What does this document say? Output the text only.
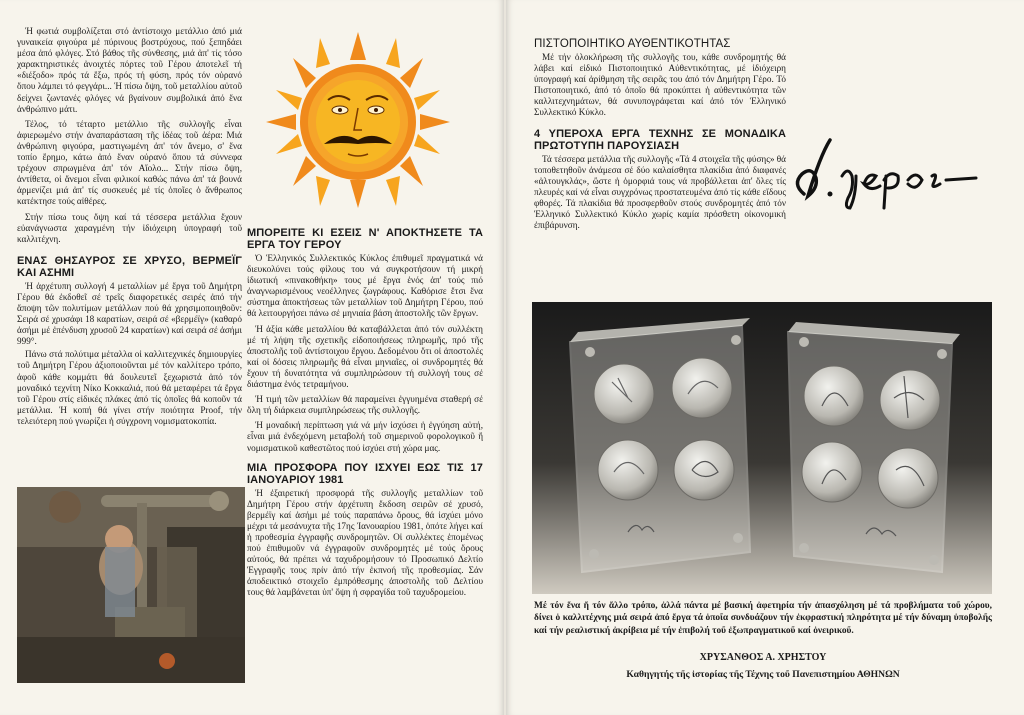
Ἡ φωτιά συμβολίζεται στό ἀντίστοιχο μετάλλιο ἀπό μιά γυναικεία φιγούρα μέ πύρινους βοστρύχους, πού ξεπηδάει μέσα ἀπό φλόγες. Στό βάθος τῆς σύνθεσης, μιά ἀπ' τίς τόσο χαρακτηριστικές ἀνοιχτές πόρτες τοῦ Γέρου ἀποτελεῖ τή «διέξοδο» πρός τά ἔξω, πρός τή φύση, πρός τόν οὐρανό ὅπου λάμπει τό φεγγάρι... Ἡ πίσω ὄψη, τοῦ μεταλλίου αὐτοῦ δείχνει ζωντανές φλόγες νά βγαίνουν συμβολικά ἀπό ἕνα ἀνθρώπινο μάτι.

Τέλος, τό τέταρτο μετάλλιο τῆς συλλογῆς εἶναι ἀφιερωμένο στήν ἀναπαράσταση τῆς ἰδέας τοῦ ἀέρα: Μιά ἀνθρώπινη φιγούρα, μαστιγωμένη ἀπ' τόν ἄνεμο, σ' ἕνα τοπίο ἔρημο, κάτω ἀπό ἕναν οὐρανό ὅπου τά σύννεφα τρέχουν σπρωγμένα ἀπ' τόν Αἴολο... Στήν πίσω ὄψη, ἀντίθετα, οἱ ἄνεμοι εἶναι φιλικοί καθώς πάνω ἀπ' τά βουνά ἁρμενίζει μιά ἀπ' τίς συσκευές μέ τίς ὁποῖες ὁ ἄνθρωπος κατέκτησε τούς αἰθέρες.

Στήν πίσω τους ὄψη καί τά τέσσερα μετάλλια ἔχουν εὐανάγνωστα χαραγμένη τήν ἰδιόχειρη ὑπογραφή τοῦ καλλιτέχνη.

ΕΝΑΣ ΘΗΣΑΥΡΟΣ ΣΕ ΧΡΥΣΟ, ΒΕΡΜΕΪΓ ΚΑΙ ΑΣΗΜΙ

Ἡ ἀρχέτυπη συλλογή 4 μεταλλίων μέ ἔργα τοῦ Δημήτρη Γέρου θά ἐκδοθεῖ σέ τρεῖς διαφορετικές σειρές ἀπό τήν ἄποψη τῶν πολυτίμων μετάλλων πού θά χρησιμοποιηθοῦν: Σειρά σέ χρυσάφι 18 καρατίων, σειρά σέ «βερμέϊγ» (καθαρό ἀσήμι μέ ἐπένδυση χρυσοῦ 24 καρατίων) καί σειρά σέ ἀσήμι 999°.

Πάνω στά πολύτιμα μέταλλα οἱ καλλιτεχνικές δημιουργίες τοῦ Δημήτρη Γέρου ἀξιοποιοῦνται μέ τόν καλλίτερο τρόπο, ἀφοῦ κάθε κομμάτι θά δουλευτεῖ ξεχωριστά ἀπό τόν μοναδικό τεχνίτη Νίκο Κοκκαλιά, πού θά μεταφέρει τά ἔργα τοῦ Γέρου στίς εἰδικές πλάκες ἀπό τίς ὁποῖες θά κοποῦν τά μετάλλια. Ἡ κοπή θά γίνει στήν ποιότητα Proof, τήν τελειότερη πού γνωρίζει ἡ σύγχρονη νομισματοκοπία.

ΜΠΟΡΕΙΤΕ ΚΙ ΕΣΕΙΣ Ν' ΑΠΟΚΤΗΣΕΤΕ ΤΑ ΕΡΓΑ ΤΟΥ ΓΕΡΟΥ

Ὁ Ἑλληνικός Συλλεκτικός Κύκλος ἐπιθυμεῖ πραγματικά νά διευκολύνει τούς φίλους του νά συγκροτήσουν τή μικρή ἰδιωτική «πινακοθήκη» τους μέ ἔργα ἑνός ἀπ' τούς πιό ἀναγνωρισμένους νεοέλληνες ζωγράφους. Καθόρισε ἔτσι ἕνα σύστημα ἀποκτήσεως τῶν μεταλλίων τοῦ Δημήτρη Γέρου, πού θά λειτουργήσει πάνω σέ μηνιαία βάση ἀποστολῆς τῶν ἔργων.

Ἡ ἀξία κάθε μεταλλίου θά καταβάλλεται ἀπό τόν συλλέκτη μέ τή λήψη τῆς σχετικῆς εἰδοποιήσεως πληρωμῆς, πρό τῆς ἀποστολῆς τοῦ ἀντίστοιχου ἔργου. Δεδομένου ὅτι οἱ ἀποστολές καί οἱ δόσεις πληρωμῆς θά εἶναι μηνιαῖες, οἱ συνδρομητές θά ἔχουν τή δυνατότητα νά συμπληρώσουν τή συλλογή τους σέ διάστημα ἑνός τετραμήνου.

Ἡ τιμή τῶν μεταλλίων θά παραμείνει ἐγγυημένα σταθερή σέ ὅλη τή διάρκεια συμπληρώσεως τῆς συλλογῆς.

Ἡ μοναδική περίπτωση γιά νά μήν ἰσχύσει ἡ ἐγγύηση αὐτή, εἶναι μιά ἐνδεχόμενη μεταβολή τοῦ σημερινοῦ φορολογικοῦ ἤ νομισματικοῦ καθεστῶτος πού ἰσχύει στή χώρα μας.

ΜΙΑ ΠΡΟΣΦΟΡΑ ΠΟΥ ΙΣΧΥΕΙ ΕΩΣ ΤΙΣ 17 ΙΑΝΟΥΑΡΙΟΥ 1981

Ἡ ἐξαιρετική προσφορά τῆς συλλογῆς μεταλλίων τοῦ Δημήτρη Γέρου στήν ἀρχέτυπη ἔκδοση σειρῶν σέ χρυσό, βερμέϊγ καί ἀσήμι μέ τούς παραπάνω ὅρους, θά ἰσχύει μόνο μέχρι τά μεσάνυχτα τῆς 17ης Ἰανουαρίου 1981, ὁπότε λήγει καί ἡ προθεσμία ἐγγραφῆς συνδρομητῶν. Οἱ συλλέκτες ἑπομένως πού ἐπιθυμοῦν νά ἐγγραφοῦν συνδρομητές μέ τούς ὅρους αὐτούς, θά πρέπει νά ταχυδρομήσουν τό Προσωπικό Δελτίο Ἐγγραφῆς τους πρίν ἀπό τήν ἐκπνοή τῆς προθεσμίας. Σάν ἀποδεικτικό στοιχεῖο ἐμπρόθεσμης ἀποστολῆς τοῦ Δελτίου τους θά λαμβάνεται ὑπ' ὄψη ἡ σφραγίδα τοῦ ταχυδρομείου.

ΠΙΣΤΟΠΟΙΗΤΙΚΟ ΑΥΘΕΝΤΙΚΟΤΗΤΑΣ

Μέ τήν ὁλοκλήρωση τῆς συλλογῆς του, κάθε συνδρομητής θά λάβει καί εἰδικό Πιστοποιητικό Αὐθεντικότητας, μέ ἰδιόχειρη ὑπογραφή καί ἀρίθμηση τῆς σειρᾶς του ἀπό τόν Δημήτρη Γέρο. Τό Πιστοποιητικό, ἀπό τό ὁποῖο θά προκύπτει ἡ αὐθεντικότητα τῶν καλλιτεχνημάτων, θά συνυπογράφεται καί ἀπό τόν Ἑλληνικό Συλλεκτικό Κύκλο.

4 ΥΠΕΡΟΧΑ ΕΡΓΑ ΤΕΧΝΗΣ ΣΕ ΜΟΝΑΔΙΚΑ ΠΡΩΤΟΤΥΠΗ ΠΑΡΟΥΣΙΑΣΗ

Τά τέσσερα μετάλλια τῆς συλλογῆς «Τά 4 στοιχεῖα τῆς φύσης» θά τοποθετηθοῦν ἀνάμεσα σέ δύο καλαίσθητα πλακίδια ἀπό διαφανές «ἀλτουγκλάς», ὥστε ἡ ὀμορφιά τους νά προβάλλεται ἀπ' ὅλες τίς πλευρές καί νά εἶναι συγχρόνως προστατευμένα ἀπό τίς κάθε εἴδους φθορές. Τά πλακίδια θά προσφερθοῦν στούς συνδρομητές ἀπό τόν Ἑλληνικό Συλλεκτικό Κύκλο χωρίς καμία πρόσθετη οἰκονομική ἐπιβάρυνση.

Μέ τόν ἕνα ἤ τόν ἄλλο τρόπο, ἀλλά πάντα μέ βασική ἀφετηρία τήν ἀπασχόληση μέ τά προβλήματα τοῦ χώρου, δίνει ὁ καλλιτέχνης μιά σειρά ἀπό ἔργα τά ὁποῖα συνδυάζουν τήν ἐκφραστική πληρότητα μέ τήν δύναμη ὑποβολῆς καί τήν ρεαλιστική ἀκρίβεια μέ τήν ἐπιβολή τοῦ ἐξωπραγματικοῦ καί ὀνειρικοῦ.
ΧΡΥΣΑΝΘΟΣ Α. ΧΡΗΣΤΟΥ
Καθηγητής τῆς ἱστορίας τῆς Τέχνης τοῦ Πανεπιστημίου ΑΘΗΝΩΝ
